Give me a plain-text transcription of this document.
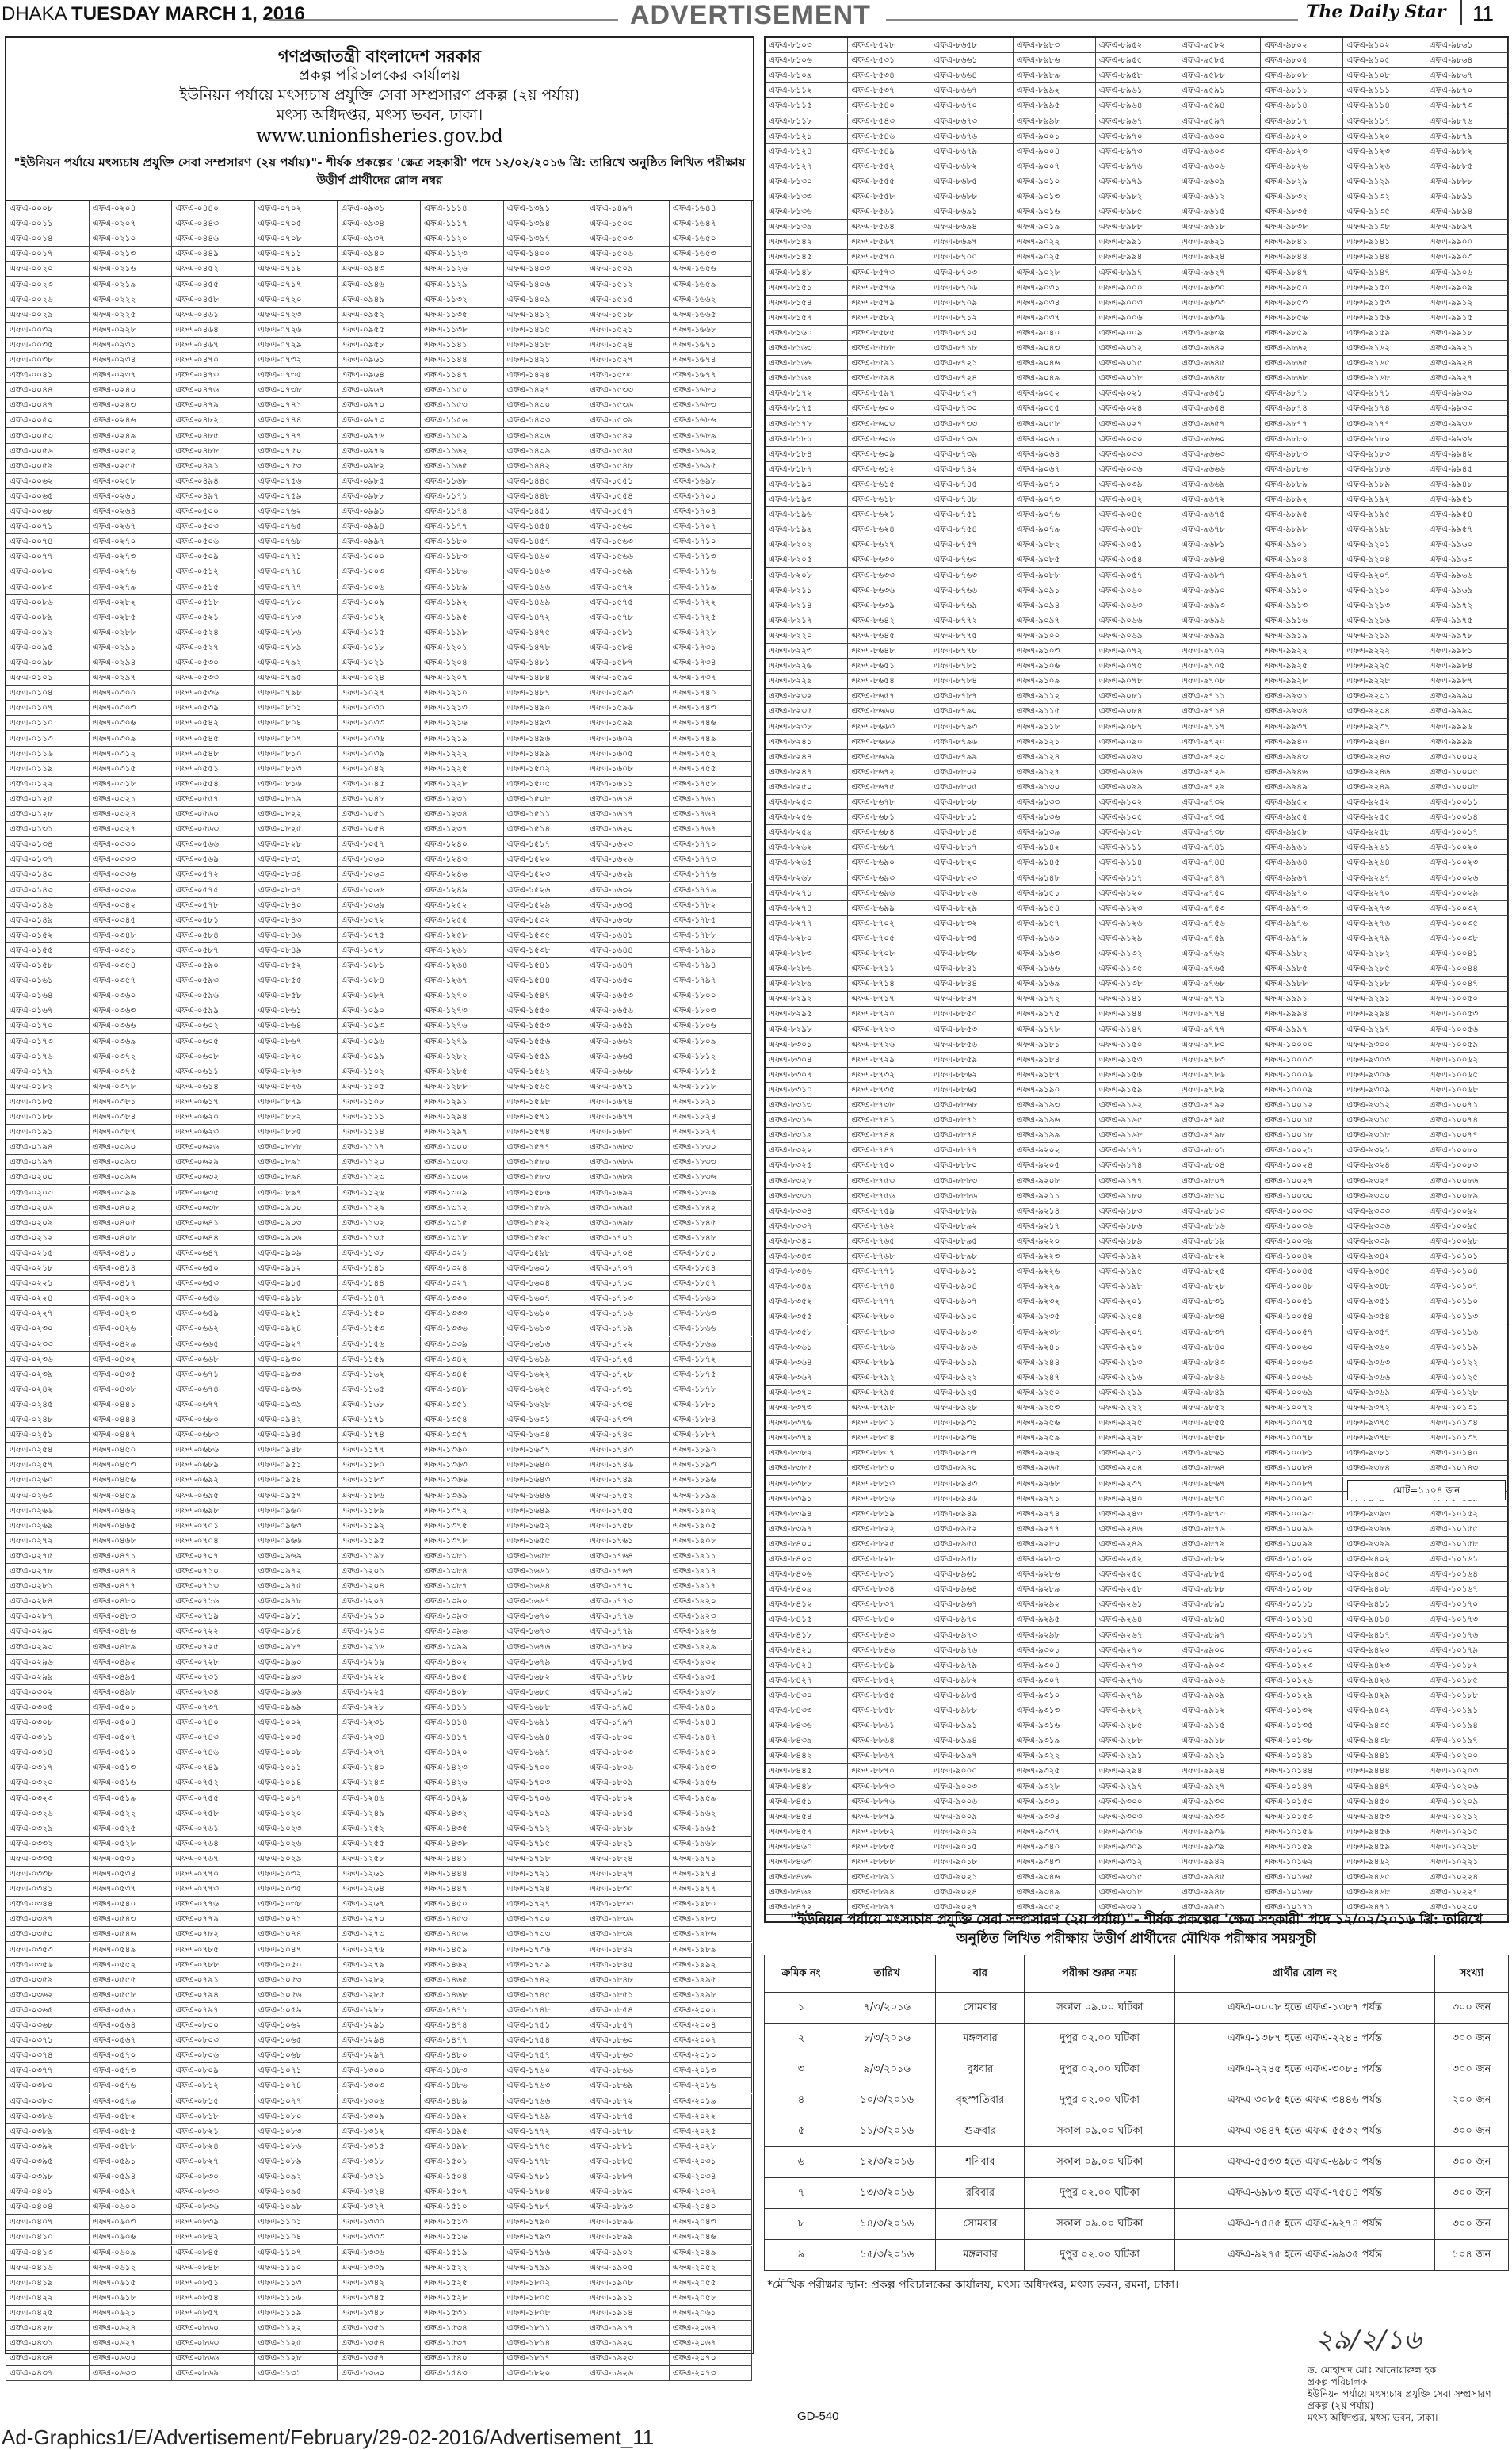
DHAKA TUESDAY MARCH 1, 2016	ADVERTISEMENT	The Daily Star 11
গণপ্রজাতন্ত্রী বাংলাদেশ সরকার
প্রকল্প পরিচালকের কার্যালয়
ইউনিয়ন পর্যায়ে মৎস্যচাষ প্রযুক্তি সেবা সম্প্রসারণ প্রকল্প (২য় পর্যায়)
মৎস্য অধিদপ্তর, মৎস্য ভবন, ঢাকা।
www.unionfisheries.gov.bd
"ইউনিয়ন পর্যায়ে মৎস্যচাষ প্রযুক্তি সেবা সম্প্রসারণ (২য় পর্যায়)"- শীর্ষক প্রকল্পের 'ক্ষেত্র সহকারী' পদে ১২/০২/২০১৬ খ্রি: তারিখে অনুষ্ঠিত লিখিত পরীক্ষায় উত্তীর্ণ প্রার্থীদের রোল নম্বর
এফএ-০০০৮
এফএ-০০১১
এফএ-০০১৪
এফএ-০০১৭
এফএ-০০২০
এফএ-০০২৩
এফএ-০০২৬
এফএ-০০২৯
এফএ-০০৩২
এফএ-০০৩৫
এফএ-০০৩৮
এফএ-০০৪১
এফএ-০০৪৪
এফএ-০০৪৭
এফএ-০০৫০
এফএ-০০৫৩
এফএ-০০৫৬
এফএ-০০৫৯
এফএ-০০৬২
এফএ-০০৬৫
এফএ-০০৬৮
এফএ-০০৭১
এফএ-০০৭৪
এফএ-০০৭৭
এফএ-০০৮০
এফএ-০০৮৩
এফএ-০০৮৬
এফএ-০০৮৯
এফএ-০০৯২
এফএ-০০৯৫
এফএ-০০৯৮
এফএ-০১০১
এফএ-০১০৪
এফএ-০১০৭
এফএ-০১১০
এফএ-০১১৩
এফএ-০১১৬
এফএ-০১১৯
এফএ-০১২২
এফএ-০১২৫
এফএ-০১২৮
এফএ-০১৩১
এফএ-০১৩৪
এফএ-০১৩৭
এফএ-০১৪০
এফএ-০১৪৩
এফএ-০১৪৬
এফএ-০১৪৯
এফএ-০১৫২
এফএ-০১৫৫
এফএ-০১৫৮
এফএ-০১৬১
এফএ-০১৬৪
এফএ-০১৬৭
এফএ-০১৭০
এফএ-০১৭৩
এফএ-০১৭৬
এফএ-০১৭৯
এফএ-০১৮২
এফএ-০১৮৫
এফএ-০১৮৮
এফএ-০১৯১
এফএ-০১৯৪
এফএ-০১৯৭
এফএ-০২০০
এফএ-০২০৩
এফএ-০২০৬
এফএ-০২০৯
এফএ-০২১২
এফএ-০২১৫
এফএ-০২১৮
এফএ-০২২১
এফএ-০২২৪
এফএ-০২২৭
এফএ-০২৩০
এফএ-০২৩৩
এফএ-০২৩৬
এফএ-০২৩৯
এফএ-০২৪২
এফএ-০২৪৫
এফএ-০২৪৮
এফএ-০২৫১
এফএ-০২৫৪
এফএ-০২৫৭
এফএ-০২৬০
এফএ-০২৬৩
এফএ-০২৬৬
এফএ-০২৬৯
এফএ-০২৭২
এফএ-০২৭৫
এফএ-০২৭৮
এফএ-০২৮১
এফএ-০২৮৪
এফএ-০২৮৭
এফএ-০২৯০
এফএ-০২৯৩
এফএ-০২৯৬
এফএ-০২৯৯
এফএ-০৩০২
এফএ-০৩০৫
এফএ-০৩০৮
এফএ-০৩১১
এফএ-০৩১৪
এফএ-০৩১৭
এফএ-০৩২০
এফএ-০৩২৩
এফএ-০৩২৬
এফএ-০৩২৯
এফএ-০৩৩২
এফএ-০৩৩৫
এফএ-০৩৩৮
এফএ-০৩৪১
এফএ-০৩৪৪
এফএ-০৩৪৭
এফএ-০৩৫০
এফএ-০৩৫৩
এফএ-০৩৫৬
এফএ-০৩৫৯
এফএ-০৩৬২
এফএ-০৩৬৫
এফএ-০৩৬৮
এফএ-০৩৭১
এফএ-০৩৭৪
এফএ-০৩৭৭
এফএ-০৩৮০
এফএ-০৩৮৩
এফএ-০৩৮৬
এফএ-০৩৮৯
এফএ-০৩৯২
এফএ-০৩৯৫
এফএ-০৩৯৮
এফএ-০৪০১
এফএ-০৪০৪
এফএ-০৪০৭
এফএ-০৪১০
এফএ-০৪১৩
এফএ-০৪১৬
এফএ-০৪১৯
এফএ-০৪২২
এফএ-০৪২৫
এফএ-০৪২৮
এফএ-০৪৩১
এফএ-০৪৩৪
এফএ-০৪৩৭
এফএ-০২০৪
এফএ-০২০৭
এফএ-০২১০
এফএ-০২১৩
এফএ-০২১৬
এফএ-০২১৯
এফএ-০২২২
এফএ-০২২৫
এফএ-০২২৮
এফএ-০২৩১
এফএ-০২৩৪
এফএ-০২৩৭
এফএ-০২৪০
এফএ-০২৪৩
এফএ-০২৪৬
এফএ-০২৪৯
এফএ-০২৫২
এফএ-০২৫৫
এফএ-০২৫৮
এফএ-০২৬১
এফএ-০২৬৪
এফএ-০২৬৭
এফএ-০২৭০
এফএ-০২৭৩
এফএ-০২৭৬
এফএ-০২৭৯
এফএ-০২৮২
এফএ-০২৮৫
এফএ-০২৮৮
এফএ-০২৯১
এফএ-০২৯৪
এফএ-০২৯৭
এফএ-০৩০০
এফএ-০৩০৩
এফএ-০৩০৬
এফএ-০৩০৯
এফএ-০৩১২
এফএ-০৩১৫
এফএ-০৩১৮
এফএ-০৩২১
এফএ-০৩২৪
এফএ-০৩২৭
এফএ-০৩৩০
এফএ-০৩৩৩
এফএ-০৩৩৬
এফএ-০৩৩৯
এফএ-০৩৪২
এফএ-০৩৪৫
এফএ-০৩৪৮
এফএ-০৩৫১
এফএ-০৩৫৪
এফএ-০৩৫৭
এফএ-০৩৬০
এফএ-০৩৬৩
এফএ-০৩৬৬
এফএ-০৩৬৯
এফএ-০৩৭২
এফএ-০৩৭৫
এফএ-০৩৭৮
এফএ-০৩৮১
এফএ-০৩৮৪
এফএ-০৩৮৭
এফএ-০৩৯০
এফএ-০৩৯৩
এফএ-০৩৯৬
এফএ-০৩৯৯
এফএ-০৪০২
এফএ-০৪০৫
এফএ-০৪০৮
এফএ-০৪১১
এফএ-০৪১৪
এফএ-০৪১৭
এফএ-০৪২০
এফএ-০৪২৩
এফএ-০৪২৬
এফএ-০৪২৯
এফএ-০৪৩২
এফএ-০৪৩৫
এফএ-০৪৩৮
এফএ-০৪৪১
এফএ-০৪৪৪
এফএ-০৪৪৭
এফএ-০৪৫০
এফএ-০৪৫৩
এফএ-০৪৫৬
এফএ-০৪৫৯
এফএ-০৪৬২
এফএ-০৪৬৫
এফএ-০৪৬৮
এফএ-০৪৭১
এফএ-০৪৭৪
এফএ-০৪৭৭
এফএ-০৪৮০
এফএ-০৪৮৩
এফএ-০৪৮৬
এফএ-০৪৮৯
এফএ-০৪৯২
এফএ-০৪৯৫
এফএ-০৪৯৮
এফএ-০৫০১
এফএ-০৫০৪
এফএ-০৫০৭
এফএ-০৫১০
এফএ-০৫১৩
এফএ-০৫১৬
এফএ-০৫১৯
এফএ-০৫২২
এফএ-০৫২৫
এফএ-০৫২৮
এফএ-০৫৩১
এফএ-০৫৩৪
এফএ-০৫৩৭
এফএ-০৫৪০
এফএ-০৫৪৩
এফএ-০৫৪৬
এফএ-০৫৪৯
এফএ-০৫৫২
এফএ-০৫৫৫
এফএ-০৫৫৮
এফএ-০৫৬১
এফএ-০৫৬৪
এফএ-০৫৬৭
এফএ-০৫৭০
এফএ-০৫৭৩
এফএ-০৫৭৬
এফএ-০৫৭৯
এফএ-০৫৮২
এফএ-০৫৮৫
এফএ-০৫৮৮
এফএ-০৫৯১
এফএ-০৫৯৪
এফএ-০৫৯৭
এফএ-০৬০০
এফএ-০৬০৩
এফএ-০৬০৬
এফএ-০৬০৯
এফএ-০৬১২
এফএ-০৬১৫
এফএ-০৬১৮
এফএ-০৬২১
এফএ-০৬২৪
এফএ-০৬২৭
এফএ-০৬৩০
এফএ-০৬৩৩
এফএ-০৪৪০
এফএ-০৪৪৩
এফএ-০৪৪৬
এফএ-০৪৪৯
এফএ-০৪৫২
এফএ-০৪৫৫
এফএ-০৪৫৮
এফএ-০৪৬১
এফএ-০৪৬৪
এফএ-০৪৬৭
এফএ-০৪৭০
এফএ-০৪৭৩
এফএ-০৪৭৬
এফএ-০৪৭৯
এফএ-০৪৮২
এফএ-০৪৮৫
এফএ-০৪৮৮
এফএ-০৪৯১
এফএ-০৪৯৪
এফএ-০৪৯৭
এফএ-০৫০০
এফএ-০৫০৩
এফএ-০৫০৬
এফএ-০৫০৯
এফএ-০৫১২
এফএ-০৫১৫
এফএ-০৫১৮
এফএ-০৫২১
এফএ-০৫২৪
এফএ-০৫২৭
এফএ-০৫৩০
এফএ-০৫৩৩
এফএ-০৫৩৬
এফএ-০৫৩৯
এফএ-০৫৪২
এফএ-০৫৪৫
এফএ-০৫৪৮
এফএ-০৫৫১
এফএ-০৫৫৪
এফএ-০৫৫৭
এফএ-০৫৬০
এফএ-০৫৬৩
এফএ-০৫৬৬
এফএ-০৫৬৯
এফএ-০৫৭২
এফএ-০৫৭৫
এফএ-০৫৭৮
এফএ-০৫৮১
এফএ-০৫৮৪
এফএ-০৫৮৭
এফএ-০৫৯০
এফএ-০৫৯৩
এফএ-০৫৯৬
এফএ-০৫৯৯
এফএ-০৬০২
এফএ-০৬০৫
এফএ-০৬০৮
এফএ-০৬১১
এফএ-০৬১৪
এফএ-০৬১৭
এফএ-০৬২০
এফএ-০৬২৩
এফএ-০৬২৬
এফএ-০৬২৯
এফএ-০৬৩২
এফএ-০৬৩৫
এফএ-০৬৩৮
এফএ-০৬৪১
এফএ-০৬৪৪
এফএ-০৬৪৭
এফএ-০৬৫০
এফএ-০৬৫৩
এফএ-০৬৫৬
এফএ-০৬৫৯
এফএ-০৬৬২
এফএ-০৬৬৫
এফএ-০৬৬৮
এফএ-০৬৭১
এফএ-০৬৭৪
এফএ-০৬৭৭
এফএ-০৬৮০
এফএ-০৬৮৩
এফএ-০৬৮৬
এফএ-০৬৮৯
এফএ-০৬৯২
এফএ-০৬৯৫
এফএ-০৬৯৮
এফএ-০৭০১
এফএ-০৭০৪
এফএ-০৭০৭
এফএ-০৭১০
এফএ-০৭১৩
এফএ-০৭১৬
এফএ-০৭১৯
এফএ-০৭২২
এফএ-০৭২৫
এফএ-০৭২৮
এফএ-০৭৩১
এফএ-০৭৩৪
এফএ-০৭৩৭
এফএ-০৭৪০
এফএ-০৭৪৩
এফএ-০৭৪৬
এফএ-০৭৪৯
এফএ-০৭৫২
এফএ-০৭৫৫
এফএ-০৭৫৮
এফএ-০৭৬১
এফএ-০৭৬৪
এফএ-০৭৬৭
এফএ-০৭৭০
এফএ-০৭৭৩
এফএ-০৭৭৬
এফএ-০৭৭৯
এফএ-০৭৮২
এফএ-০৭৮৫
এফএ-০৭৮৮
এফএ-০৭৯১
এফএ-০৭৯৪
এফএ-০৭৯৭
এফএ-০৮০০
এফএ-০৮০৩
এফএ-০৮০৬
এফএ-০৮০৯
এফএ-০৮১২
এফএ-০৮১৫
এফএ-০৮১৮
এফএ-০৮২১
এফএ-০৮২৪
এফএ-০৮২৭
এফএ-০৮৩০
এফএ-০৮৩৩
এফএ-০৮৩৬
এফএ-০৮৩৯
এফএ-০৮৪২
এফএ-০৮৪৫
এফএ-০৮৪৮
এফএ-০৮৫১
এফএ-০৮৫৪
এফএ-০৮৫৭
এফএ-০৮৬০
এফএ-০৮৬৩
এফএ-০৮৬৬
এফএ-০৮৬৯
এফএ-০৭০২
এফএ-০৭০৫
এফএ-০৭০৮
এফএ-০৭১১
এফএ-০৭১৪
এফএ-০৭১৭
এফএ-০৭২০
এফএ-০৭২৩
এফএ-০৭২৬
এফএ-০৭২৯
এফএ-০৭৩২
এফএ-০৭৩৫
এফএ-০৭৩৮
এফএ-০৭৪১
এফএ-০৭৪৪
এফএ-০৭৪৭
এফএ-০৭৫০
এফএ-০৭৫৩
এফএ-০৭৫৬
এফএ-০৭৫৯
এফএ-০৭৬২
এফএ-০৭৬৫
এফএ-০৭৬৮
এফএ-০৭৭১
এফএ-০৭৭৪
এফএ-০৭৭৭
এফএ-০৭৮০
এফএ-০৭৮৩
এফএ-০৭৮৬
এফএ-০৭৮৯
এফএ-০৭৯২
এফএ-০৭৯৫
এফএ-০৭৯৮
এফএ-০৮০১
এফএ-০৮০৪
এফএ-০৮০৭
এফএ-০৮১০
এফএ-০৮১৩
এফএ-০৮১৬
এফএ-০৮১৯
এফএ-০৮২২
এফএ-০৮২৫
এফএ-০৮২৮
এফএ-০৮৩১
এফএ-০৮৩৪
এফএ-০৮৩৭
এফএ-০৮৪০
এফএ-০৮৪৩
এফএ-০৮৪৬
এফএ-০৮৪৯
এফএ-০৮৫২
এফএ-০৮৫৫
এফএ-০৮৫৮
এফএ-০৮৬১
এফএ-০৮৬৪
এফএ-০৮৬৭
এফএ-০৮৭০
এফএ-০৮৭৩
এফএ-০৮৭৬
এফএ-০৮৭৯
এফএ-০৮৮২
এফএ-০৮৮৫
এফএ-০৮৮৮
এফএ-০৮৯১
এফএ-০৮৯৪
এফএ-০৮৯৭
এফএ-০৯০০
এফএ-০৯০৩
এফএ-০৯০৬
এফএ-০৯০৯
এফএ-০৯১২
এফএ-০৯১৫
এফএ-০৯১৮
এফএ-০৯২১
এফএ-০৯২৪
এফএ-০৯২৭
এফএ-০৯৩০
এফএ-০৯৩৩
এফএ-০৯৩৬
এফএ-০৯৩৯
এফএ-০৯৪২
এফএ-০৯৪৫
এফএ-০৯৪৮
এফএ-০৯৫১
এফএ-০৯৫৪
এফএ-০৯৫৭
এফএ-০৯৬০
এফএ-০৯৬৩
এফএ-০৯৬৬
এফএ-০৯৬৯
এফএ-০৯৭২
এফএ-০৯৭৫
এফএ-০৯৭৮
এফএ-০৯৮১
এফএ-০৯৮৪
এফএ-০৯৮৭
এফএ-০৯৯০
এফএ-০৯৯৩
এফএ-০৯৯৬
এফএ-০৯৯৯
এফএ-১০০২
এফএ-১০০৫
এফএ-১০০৮
এফএ-১০১১
এফএ-১০১৪
এফএ-১০১৭
এফএ-১০২০
এফএ-১০২৩
এফএ-১০২৬
এফএ-১০২৯
এফএ-১০৩২
এফএ-১০৩৫
এফএ-১০৩৮
এফএ-১০৪১
এফএ-১০৪৪
এফএ-১০৪৭
এফএ-১০৫০
এফএ-১০৫৩
এফএ-১০৫৬
এফএ-১০৫৯
এফএ-১০৬২
এফএ-১০৬৫
এফএ-১০৬৮
এফএ-১০৭১
এফএ-১০৭৪
এফএ-১০৭৭
এফএ-১০৮০
এফএ-১০৮৩
এফএ-১০৮৬
এফএ-১০৮৯
এফএ-১০৯২
এফএ-১০৯৫
এফএ-১০৯৮
এফএ-১১০১
এফএ-১১০৪
এফএ-১১০৭
এফএ-১১১০
এফএ-১১১৩
এফএ-১১১৬
এফএ-১১১৯
এফএ-১১২২
এফএ-১১২৫
এফএ-১১২৮
এফএ-১১৩১
এফএ-০৯৩১
এফএ-০৯৩৪
এফএ-০৯৩৭
এফএ-০৯৪০
এফএ-০৯৪৩
এফএ-০৯৪৬
এফএ-০৯৪৯
এফএ-০৯৫২
এফএ-০৯৫৫
এফএ-০৯৫৮
এফএ-০৯৬১
এফএ-০৯৬৪
এফএ-০৯৬৭
এফএ-০৯৭০
এফএ-০৯৭৩
এফএ-০৯৭৬
এফএ-০৯৭৯
এফএ-০৯৮২
এফএ-০৯৮৫
এফএ-০৯৮৮
এফএ-০৯৯১
এফএ-০৯৯৪
এফএ-০৯৯৭
এফএ-১০০০
এফএ-১০০৩
এফএ-১০০৬
এফএ-১০০৯
এফএ-১০১২
এফএ-১০১৫
এফএ-১০১৮
এফএ-১০২১
এফএ-১০২৪
এফএ-১০২৭
এফএ-১০৩০
এফএ-১০৩৩
এফএ-১০৩৬
এফএ-১০৩৯
এফএ-১০৪২
এফএ-১০৪৫
এফএ-১০৪৮
এফএ-১০৫১
এফএ-১০৫৪
এফএ-১০৫৭
এফএ-১০৬০
এফএ-১০৬৩
এফএ-১০৬৬
এফএ-১০৬৯
এফএ-১০৭২
এফএ-১০৭৫
এফএ-১০৭৮
এফএ-১০৮১
এফএ-১০৮৪
এফএ-১০৮৭
এফএ-১০৯০
এফএ-১০৯৩
এফএ-১০৯৬
এফএ-১০৯৯
এফএ-১১০২
এফএ-১১০৫
এফএ-১১০৮
এফএ-১১১১
এফএ-১১১৪
এফএ-১১১৭
এফএ-১১২০
এফএ-১১২৩
এফএ-১১২৬
এফএ-১১২৯
এফএ-১১৩২
এফএ-১১৩৫
এফএ-১১৩৮
এফএ-১১৪১
এফএ-১১৪৪
এফএ-১১৪৭
এফএ-১১৫০
এফএ-১১৫৩
এফএ-১১৫৬
এফএ-১১৫৯
এফএ-১১৬২
এফএ-১১৬৫
এফএ-১১৬৮
এফএ-১১৭১
এফএ-১১৭৪
এফএ-১১৭৭
এফএ-১১৮০
এফএ-১১৮৩
এফএ-১১৮৬
এফএ-১১৮৯
এফএ-১১৯২
এফএ-১১৯৫
এফএ-১১৯৮
এফএ-১২০১
এফএ-১২০৪
এফএ-১২০৭
এফএ-১২১০
এফএ-১২১৩
এফএ-১২১৬
এফএ-১২১৯
এফএ-১২২২
এফএ-১২২৫
এফএ-১২২৮
এফএ-১২৩১
এফএ-১২৩৪
এফএ-১২৩৭
এফএ-১২৪০
এফএ-১২৪৩
এফএ-১২৪৬
এফএ-১২৪৯
এফএ-১২৫২
এফএ-১২৫৫
এফএ-১২৫৮
এফএ-১২৬১
এফএ-১২৬৪
এফএ-১২৬৭
এফএ-১২৭০
এফএ-১২৭৩
এফএ-১২৭৬
এফএ-১২৭৯
এফএ-১২৮২
এফএ-১২৮৫
এফএ-১২৮৮
এফএ-১২৯১
এফএ-১২৯৪
এফএ-১২৯৭
এফএ-১৩০০
এফএ-১৩০৩
এফএ-১৩০৬
এফএ-১৩০৯
এফএ-১৩১২
এফএ-১৩১৫
এফএ-১৩১৮
এফএ-১৩২১
এফএ-১৩২৪
এফএ-১৩২৭
এফএ-১৩৩০
এফএ-১৩৩৩
এফএ-১৩৩৬
এফএ-১৩৩৯
এফএ-১৩৪২
এফএ-১৩৪৫
এফএ-১৩৪৮
এফএ-১৩৫১
এফএ-১৩৫৪
এফএ-১৩৫৭
এফএ-১৩৬০
এফএ-১১১৪
এফএ-১১১৭
এফএ-১১২০
এফএ-১১২৩
এফএ-১১২৬
এফএ-১১২৯
এফএ-১১৩২
এফএ-১১৩৫
এফএ-১১৩৮
এফএ-১১৪১
এফএ-১১৪৪
এফএ-১১৪৭
এফএ-১১৫০
এফএ-১১৫৩
এফএ-১১৫৬
এফএ-১১৫৯
এফএ-১১৬২
এফএ-১১৬৫
এফএ-১১৬৮
এফএ-১১৭১
এফএ-১১৭৪
এফএ-১১৭৭
এফএ-১১৮০
এফএ-১১৮৩
এফএ-১১৮৬
এফএ-১১৮৯
এফএ-১১৯২
এফএ-১১৯৫
এফএ-১১৯৮
এফএ-১২০১
এফএ-১২০৪
এফএ-১২০৭
এফএ-১২১০
এফএ-১২১৩
এফএ-১২১৬
এফএ-১২১৯
এফএ-১২২২
এফএ-১২২৫
এফএ-১২২৮
এফএ-১২৩১
এফএ-১২৩৪
এফএ-১২৩৭
এফএ-১২৪০
এফএ-১২৪৩
এফএ-১২৪৬
এফএ-১২৪৯
এফএ-১২৫২
এফএ-১২৫৫
এফএ-১২৫৮
এফএ-১২৬১
এফএ-১২৬৪
এফএ-১২৬৭
এফএ-১২৭০
এফএ-১২৭৩
এফএ-১২৭৬
এফএ-১২৭৯
এফএ-১২৮২
এফএ-১২৮৫
এফএ-১২৮৮
এফএ-১২৯১
এফএ-১২৯৪
এফএ-১২৯৭
এফএ-১৩০০
এফএ-১৩০৩
এফএ-১৩০৬
এফএ-১৩০৯
এফএ-১৩১২
এফএ-১৩১৫
এফএ-১৩১৮
এফএ-১৩২১
এফএ-১৩২৪
এফএ-১৩২৭
এফএ-১৩৩০
এফএ-১৩৩৩
এফএ-১৩৩৬
এফএ-১৩৩৯
এফএ-১৩৪২
এফএ-১৩৪৫
এফএ-১৩৪৮
এফএ-১৩৫১
এফএ-১৩৫৪
এফএ-১৩৫৭
এফএ-১৩৬০
এফএ-১৩৬৩
এফএ-১৩৬৬
এফএ-১৩৬৯
এফএ-১৩৭২
এফএ-১৩৭৫
এফএ-১৩৭৮
এফএ-১৩৮১
এফএ-১৩৮৪
এফএ-১৩৮৭
এফএ-১৩৯০
এফএ-১৩৯৩
এফএ-১৩৯৬
এফএ-১৩৯৯
এফএ-১৪০২
এফএ-১৪০৫
এফএ-১৪০৮
এফএ-১৪১১
এফএ-১৪১৪
এফএ-১৪১৭
এফএ-১৪২০
এফএ-১৪২৩
এফএ-১৪২৬
এফএ-১৪২৯
এফএ-১৪৩২
এফএ-১৪৩৫
এফএ-১৪৩৮
এফএ-১৪৪১
এফএ-১৪৪৪
এফএ-১৪৪৭
এফএ-১৪৫০
এফএ-১৪৫৩
এফএ-১৪৫৬
এফএ-১৪৫৯
এফএ-১৪৬২
এফএ-১৪৬৫
এফএ-১৪৬৮
এফএ-১৪৭১
এফএ-১৪৭৪
এফএ-১৪৭৭
এফএ-১৪৮০
এফএ-১৪৮৩
এফএ-১৪৮৬
এফএ-১৪৮৯
এফএ-১৪৯২
এফএ-১৪৯৫
এফএ-১৪৯৮
এফএ-১৫০১
এফএ-১৫০৪
এফএ-১৫০৭
এফএ-১৫১০
এফএ-১৫১৩
এফএ-১৫১৬
এফএ-১৫১৯
এফএ-১৫২২
এফএ-১৫২৫
এফএ-১৫২৮
এফএ-১৫৩১
এফএ-১৫৩৪
এফএ-১৫৩৭
এফএ-১৫৪০
এফএ-১৫৪৩
এফএ-১৩৯১
এফএ-১৩৯৪
এফএ-১৩৯৭
এফএ-১৪০০
এফএ-১৪০৩
এফএ-১৪০৬
এফএ-১৪০৯
এফএ-১৪১২
এফএ-১৪১৫
এফএ-১৪১৮
এফএ-১৪২১
এফএ-১৪২৪
এফএ-১৪২৭
এফএ-১৪৩০
এফএ-১৪৩৩
এফএ-১৪৩৬
এফএ-১৪৩৯
এফএ-১৪৪২
এফএ-১৪৪৫
এফএ-১৪৪৮
এফএ-১৪৫১
এফএ-১৪৫৪
এফএ-১৪৫৭
এফএ-১৪৬০
এফএ-১৪৬৩
এফএ-১৪৬৬
এফএ-১৪৬৯
এফএ-১৪৭২
এফএ-১৪৭৫
এফএ-১৪৭৮
এফএ-১৪৮১
এফএ-১৪৮৪
এফএ-১৪৮৭
এফএ-১৪৯০
এফএ-১৪৯৩
এফএ-১৪৯৬
এফএ-১৪৯৯
এফএ-১৫০২
এফএ-১৫০৫
এফএ-১৫০৮
এফএ-১৫১১
এফএ-১৫১৪
এফএ-১৫১৭
এফএ-১৫২০
এফএ-১৫২৩
এফএ-১৫২৬
এফএ-১৫২৯
এফএ-১৫৩২
এফএ-১৫৩৫
এফএ-১৫৩৮
এফএ-১৫৪১
এফএ-১৫৪৪
এফএ-১৫৪৭
এফএ-১৫৫০
এফএ-১৫৫৩
এফএ-১৫৫৬
এফএ-১৫৫৯
এফএ-১৫৬২
এফএ-১৫৬৫
এফএ-১৫৬৮
এফএ-১৫৭১
এফএ-১৫৭৪
এফএ-১৫৭৭
এফএ-১৫৮০
এফএ-১৫৮৩
এফএ-১৫৮৬
এফএ-১৫৮৯
এফএ-১৫৯২
এফএ-১৫৯৫
এফএ-১৫৯৮
এফএ-১৬০১
এফএ-১৬০৪
এফএ-১৬০৭
এফএ-১৬১০
এফএ-১৬১৩
এফএ-১৬১৬
এফএ-১৬১৯
এফএ-১৬২২
এফএ-১৬২৫
এফএ-১৬২৮
এফএ-১৬৩১
এফএ-১৬৩৪
এফএ-১৬৩৭
এফএ-১৬৪০
এফএ-১৬৪৩
এফএ-১৬৪৬
এফএ-১৬৪৯
এফএ-১৬৫২
এফএ-১৬৫৫
এফএ-১৬৫৮
এফএ-১৬৬১
এফএ-১৬৬৪
এফএ-১৬৬৭
এফএ-১৬৭০
এফএ-১৬৭৩
এফএ-১৬৭৬
এফএ-১৬৭৯
এফএ-১৬৮২
এফএ-১৬৮৫
এফএ-১৬৮৮
এফএ-১৬৯১
এফএ-১৬৯৪
এফএ-১৬৯৭
এফএ-১৭০০
এফএ-১৭০৩
এফএ-১৭০৬
এফএ-১৭০৯
এফএ-১৭১২
এফএ-১৭১৫
এফএ-১৭১৮
এফএ-১৭২১
এফএ-১৭২৪
এফএ-১৭২৭
এফএ-১৭৩০
এফএ-১৭৩৩
এফএ-১৭৩৬
এফএ-১৭৩৯
এফএ-১৭৪২
এফএ-১৭৪৫
এফএ-১৭৪৮
এফএ-১৭৫১
এফএ-১৭৫৪
এফএ-১৭৫৭
এফএ-১৭৬০
এফএ-১৭৬৩
এফএ-১৭৬৬
এফএ-১৭৬৯
এফএ-১৭৭২
এফএ-১৭৭৫
এফএ-১৭৭৮
এফএ-১৭৮১
এফএ-১৭৮৪
এফএ-১৭৮৭
এফএ-১৭৯০
এফএ-১৭৯৩
এফএ-১৭৯৬
এফএ-১৭৯৯
এফএ-১৮০২
এফএ-১৮০৫
এফএ-১৮০৮
এফএ-১৮১১
এফএ-১৮১৪
এফএ-১৮১৭
এফএ-১৮২০
এফএ-১৪৯৭
এফএ-১৫০০
এফএ-১৫০৩
এফএ-১৫০৬
এফএ-১৫০৯
এফএ-১৫১২
এফএ-১৫১৫
এফএ-১৫১৮
এফএ-১৫২১
এফএ-১৫২৪
এফএ-১৫২৭
এফএ-১৫৩০
এফএ-১৫৩৩
এফএ-১৫৩৬
এফএ-১৫৩৯
এফএ-১৫৪২
এফএ-১৫৪৫
এফএ-১৫৪৮
এফএ-১৫৫১
এফএ-১৫৫৪
এফএ-১৫৫৭
এফএ-১৫৬০
এফএ-১৫৬৩
এফএ-১৫৬৬
এফএ-১৫৬৯
এফএ-১৫৭২
এফএ-১৫৭৫
এফএ-১৫৭৮
এফএ-১৫৮১
এফএ-১৫৮৪
এফএ-১৫৮৭
এফএ-১৫৯০
এফএ-১৫৯৩
এফএ-১৫৯৬
এফএ-১৫৯৯
এফএ-১৬০২
এফএ-১৬০৫
এফএ-১৬০৮
এফএ-১৬১১
এফএ-১৬১৪
এফএ-১৬১৭
এফএ-১৬২০
এফএ-১৬২৩
এফএ-১৬২৬
এফএ-১৬২৯
এফএ-১৬৩২
এফএ-১৬৩৫
এফএ-১৬৩৮
এফএ-১৬৪১
এফএ-১৬৪৪
এফএ-১৬৪৭
এফএ-১৬৫০
এফএ-১৬৫৩
এফএ-১৬৫৬
এফএ-১৬৫৯
এফএ-১৬৬২
এফএ-১৬৬৫
এফএ-১৬৬৮
এফএ-১৬৭১
এফএ-১৬৭৪
এফএ-১৬৭৭
এফএ-১৬৮০
এফএ-১৬৮৩
এফএ-১৬৮৬
এফএ-১৬৮৯
এফএ-১৬৯২
এফএ-১৬৯৫
এফএ-১৬৯৮
এফএ-১৭০১
এফএ-১৭০৪
এফএ-১৭০৭
এফএ-১৭১০
এফএ-১৭১৩
এফএ-১৭১৬
এফএ-১৭১৯
এফএ-১৭২২
এফএ-১৭২৫
এফএ-১৭২৮
এফএ-১৭৩১
এফএ-১৭৩৪
এফএ-১৭৩৭
এফএ-১৭৪০
এফএ-১৭৪৩
এফএ-১৭৪৬
এফএ-১৭৪৯
এফএ-১৭৫২
এফএ-১৭৫৫
এফএ-১৭৫৮
এফএ-১৭৬১
এফএ-১৭৬৪
এফএ-১৭৬৭
এফএ-১৭৭০
এফএ-১৭৭৩
এফএ-১৭৭৬
এফএ-১৭৭৯
এফএ-১৭৮২
এফএ-১৭৮৫
এফএ-১৭৮৮
এফএ-১৭৯১
এফএ-১৭৯৪
এফএ-১৭৯৭
এফএ-১৮০০
এফএ-১৮০৩
এফএ-১৮০৬
এফএ-১৮০৯
এফএ-১৮১২
এফএ-১৮১৫
এফএ-১৮১৮
এফএ-১৮২১
এফএ-১৮২৪
এফএ-১৮২৭
এফএ-১৮৩০
এফএ-১৮৩৩
এফএ-১৮৩৬
এফএ-১৮৩৯
এফএ-১৮৪২
এফএ-১৮৪৫
এফএ-১৮৪৮
এফএ-১৮৫১
এফএ-১৮৫৪
এফএ-১৮৫৭
এফএ-১৮৬০
এফএ-১৮৬৩
এফএ-১৮৬৬
এফএ-১৮৬৯
এফএ-১৮৭২
এফএ-১৮৭৫
এফএ-১৮৭৮
এফএ-১৮৮১
এফএ-১৮৮৪
এফএ-১৮৮৭
এফএ-১৮৯০
এফএ-১৮৯৩
এফএ-১৮৯৬
এফএ-১৮৯৯
এফএ-১৯০২
এফএ-১৯০৫
এফএ-১৯০৮
এফএ-১৯১১
এফএ-১৯১৪
এফএ-১৯১৭
এফএ-১৯২০
এফএ-১৯২৩
এফএ-১৯২৬
এফএ-১৬৪৪
এফএ-১৬৪৭
এফএ-১৬৫০
এফএ-১৬৫৩
এফএ-১৬৫৬
এফএ-১৬৫৯
এফএ-১৬৬২
এফএ-১৬৬৫
এফএ-১৬৬৮
এফএ-১৬৭১
এফএ-১৬৭৪
এফএ-১৬৭৭
এফএ-১৬৮০
এফএ-১৬৮৩
এফএ-১৬৮৬
এফএ-১৬৮৯
এফএ-১৬৯২
এফএ-১৬৯৫
এফএ-১৬৯৮
এফএ-১৭০১
এফএ-১৭০৪
এফএ-১৭০৭
এফএ-১৭১০
এফএ-১৭১৩
এফএ-১৭১৬
এফএ-১৭১৯
এফএ-১৭২২
এফএ-১৭২৫
এফএ-১৭২৮
এফএ-১৭৩১
এফএ-১৭৩৪
এফএ-১৭৩৭
এফএ-১৭৪০
এফএ-১৭৪৩
এফএ-১৭৪৬
এফএ-১৭৪৯
এফএ-১৭৫২
এফএ-১৭৫৫
এফএ-১৭৫৮
এফএ-১৭৬১
এফএ-১৭৬৪
এফএ-১৭৬৭
এফএ-১৭৭০
এফএ-১৭৭৩
এফএ-১৭৭৬
এফএ-১৭৭৯
এফএ-১৭৮২
এফএ-১৭৮৫
এফএ-১৭৮৮
এফএ-১৭৯১
এফএ-১৭৯৪
এফএ-১৭৯৭
এফএ-১৮০০
এফএ-১৮০৩
এফএ-১৮০৬
এফএ-১৮০৯
এফএ-১৮১২
এফএ-১৮১৫
এফএ-১৮১৮
এফএ-১৮২১
এফএ-১৮২৪
এফএ-১৮২৭
এফএ-১৮৩০
এফএ-১৮৩৩
এফএ-১৮৩৬
এফএ-১৮৩৯
এফএ-১৮৪২
এফএ-১৮৪৫
এফএ-১৮৪৮
এফএ-১৮৫১
এফএ-১৮৫৪
এফএ-১৮৫৭
এফএ-১৮৬০
এফএ-১৮৬৩
এফএ-১৮৬৬
এফএ-১৮৬৯
এফএ-১৮৭২
এফএ-১৮৭৫
এফএ-১৮৭৮
এফএ-১৮৮১
এফএ-১৮৮৪
এফএ-১৮৮৭
এফএ-১৮৯০
এফএ-১৮৯৩
এফএ-১৮৯৬
এফএ-১৮৯৯
এফএ-১৯০২
এফএ-১৯০৫
এফএ-১৯০৮
এফএ-১৯১১
এফএ-১৯১৪
এফএ-১৯১৭
এফএ-১৯২০
এফএ-১৯২৩
এফএ-১৯২৬
এফএ-১৯২৯
এফএ-১৯৩২
এফএ-১৯৩৫
এফএ-১৯৩৮
এফএ-১৯৪১
এফএ-১৯৪৪
এফএ-১৯৪৭
এফএ-১৯৫০
এফএ-১৯৫৩
এফএ-১৯৫৬
এফএ-১৯৫৯
এফএ-১৯৬২
এফএ-১৯৬৫
এফএ-১৯৬৮
এফএ-১৯৭১
এফএ-১৯৭৪
এফএ-১৯৭৭
এফএ-১৯৮০
এফএ-১৯৮৩
এফএ-১৯৮৬
এফএ-১৯৮৯
এফএ-১৯৯২
এফএ-১৯৯৫
এফএ-১৯৯৮
এফএ-২০০১
এফএ-২০০৪
এফএ-২০০৭
এফএ-২০১০
এফএ-২০১৩
এফএ-২০১৬
এফএ-২০১৯
এফএ-২০২২
এফএ-২০২৫
এফএ-২০২৮
এফএ-২০৩১
এফএ-২০৩৪
এফএ-২০৩৭
এফএ-২০৪০
এফএ-২০৪৩
এফএ-২০৪৬
এফএ-২০৪৯
এফএ-২০৫২
এফএ-২০৫৫
এফএ-২০৫৮
এফএ-২০৬১
এফএ-২০৬৪
এফএ-২০৬৭
এফএ-২০৭০
এফএ-২০৭৩
এফএ-৮১০৩
এফএ-৮১০৬
এফএ-৮১০৯
এফএ-৮১১২
এফএ-৮১১৫
এফএ-৮১১৮
এফএ-৮১২১
এফএ-৮১২৪
এফএ-৮১২৭
এফএ-৮১৩০
এফএ-৮১৩৩
এফএ-৮১৩৬
এফএ-৮১৩৯
এফএ-৮১৪২
এফএ-৮১৪৫
এফএ-৮১৪৮
এফএ-৮১৫১
এফএ-৮১৫৪
এফএ-৮১৫৭
এফএ-৮১৬০
এফএ-৮১৬৩
এফএ-৮১৬৬
এফএ-৮১৬৯
এফএ-৮১৭২
এফএ-৮১৭৫
এফএ-৮১৭৮
এফএ-৮১৮১
এফএ-৮১৮৪
এফএ-৮১৮৭
এফএ-৮১৯০
এফএ-৮১৯৩
এফএ-৮১৯৬
এফএ-৮১৯৯
এফএ-৮২০২
এফএ-৮২০৫
এফএ-৮২০৮
এফএ-৮২১১
এফএ-৮২১৪
এফএ-৮২১৭
এফএ-৮২২০
এফএ-৮২২৩
এফএ-৮২২৬
এফএ-৮২২৯
এফএ-৮২৩২
এফএ-৮২৩৫
এফএ-৮২৩৮
এফএ-৮২৪১
এফএ-৮২৪৪
এফএ-৮২৪৭
এফএ-৮২৫০
এফএ-৮২৫৩
এফএ-৮২৫৬
এফএ-৮২৫৯
এফএ-৮২৬২
এফএ-৮২৬৫
এফএ-৮২৬৮
এফএ-৮২৭১
এফএ-৮২৭৪
এফএ-৮২৭৭
এফএ-৮২৮০
এফএ-৮২৮৩
এফএ-৮২৮৬
এফএ-৮২৮৯
এফএ-৮২৯২
এফএ-৮২৯৫
এফএ-৮২৯৮
এফএ-৮৩০১
এফএ-৮৩০৪
এফএ-৮৩০৭
এফএ-৮৩১০
এফএ-৮৩১৩
এফএ-৮৩১৬
এফএ-৮৩১৯
এফএ-৮৩২২
এফএ-৮৩২৫
এফএ-৮৩২৮
এফএ-৮৩৩১
এফএ-৮৩৩৪
এফএ-৮৩৩৭
এফএ-৮৩৪০
এফএ-৮৩৪৩
এফএ-৮৩৪৬
এফএ-৮৩৪৯
এফএ-৮৩৫২
এফএ-৮৩৫৫
এফএ-৮৩৫৮
এফএ-৮৩৬১
এফএ-৮৩৬৪
এফএ-৮৩৬৭
এফএ-৮৩৭০
এফএ-৮৩৭৩
এফএ-৮৩৭৬
এফএ-৮৩৭৯
এফএ-৮৩৮২
এফএ-৮৩৮৫
এফএ-৮৩৮৮
এফএ-৮৩৯১
এফএ-৮৩৯৪
এফএ-৮৩৯৭
এফএ-৮৪০০
এফএ-৮৪০৩
এফএ-৮৪০৬
এফএ-৮৪০৯
এফএ-৮৪১২
এফএ-৮৪১৫
এফএ-৮৪১৮
এফএ-৮৪২১
এফএ-৮৪২৪
এফএ-৮৪২৭
এফএ-৮৪৩০
এফএ-৮৪৩৩
এফএ-৮৪৩৬
এফএ-৮৪৩৯
এফএ-৮৪৪২
এফএ-৮৪৪৫
এফএ-৮৪৪৮
এফএ-৮৪৫১
এফএ-৮৪৫৪
এফএ-৮৪৫৭
এফএ-৮৪৬০
এফএ-৮৪৬৩
এফএ-৮৪৬৬
এফএ-৮৪৬৯
এফএ-৮৪৭২
এফএ-৮৫২৮
এফএ-৮৫৩১
এফএ-৮৫৩৪
এফএ-৮৫৩৭
এফএ-৮৫৪০
এফএ-৮৫৪৩
এফএ-৮৫৪৬
এফএ-৮৫৪৯
এফএ-৮৫৫২
এফএ-৮৫৫৫
এফএ-৮৫৫৮
এফএ-৮৫৬১
এফএ-৮৫৬৪
এফএ-৮৫৬৭
এফএ-৮৫৭০
এফএ-৮৫৭৩
এফএ-৮৫৭৬
এফএ-৮৫৭৯
এফএ-৮৫৮২
এফএ-৮৫৮৫
এফএ-৮৫৮৮
এফএ-৮৫৯১
এফএ-৮৫৯৪
এফএ-৮৫৯৭
এফএ-৮৬০০
এফএ-৮৬০৩
এফএ-৮৬০৬
এফএ-৮৬০৯
এফএ-৮৬১২
এফএ-৮৬১৫
এফএ-৮৬১৮
এফএ-৮৬২১
এফএ-৮৬২৪
এফএ-৮৬২৭
এফএ-৮৬৩০
এফএ-৮৬৩৩
এফএ-৮৬৩৬
এফএ-৮৬৩৯
এফএ-৮৬৪২
এফএ-৮৬৪৫
এফএ-৮৬৪৮
এফএ-৮৬৫১
এফএ-৮৬৫৪
এফএ-৮৬৫৭
এফএ-৮৬৬০
এফএ-৮৬৬৩
এফএ-৮৬৬৬
এফএ-৮৬৬৯
এফএ-৮৬৭২
এফএ-৮৬৭৫
এফএ-৮৬৭৮
এফএ-৮৬৮১
এফএ-৮৬৮৪
এফএ-৮৬৮৭
এফএ-৮৬৯০
এফএ-৮৬৯৩
এফএ-৮৬৯৬
এফএ-৮৬৯৯
এফএ-৮৭০২
এফএ-৮৭০৫
এফএ-৮৭০৮
এফএ-৮৭১১
এফএ-৮৭১৪
এফএ-৮৭১৭
এফএ-৮৭২০
এফএ-৮৭২৩
এফএ-৮৭২৬
এফএ-৮৭২৯
এফএ-৮৭৩২
এফএ-৮৭৩৫
এফএ-৮৭৩৮
এফএ-৮৭৪১
এফএ-৮৭৪৪
এফএ-৮৭৪৭
এফএ-৮৭৫০
এফএ-৮৭৫৩
এফএ-৮৭৫৬
এফএ-৮৭৫৯
এফএ-৮৭৬২
এফএ-৮৭৬৫
এফএ-৮৭৬৮
এফএ-৮৭৭১
এফএ-৮৭৭৪
এফএ-৮৭৭৭
এফএ-৮৭৮০
এফএ-৮৭৮৩
এফএ-৮৭৮৬
এফএ-৮৭৮৯
এফএ-৮৭৯২
এফএ-৮৭৯৫
এফএ-৮৭৯৮
এফএ-৮৮০১
এফএ-৮৮০৪
এফএ-৮৮০৭
এফএ-৮৮১০
এফএ-৮৮১৩
এফএ-৮৮১৬
এফএ-৮৮১৯
এফএ-৮৮২২
এফএ-৮৮২৫
এফএ-৮৮২৮
এফএ-৮৮৩১
এফএ-৮৮৩৪
এফএ-৮৮৩৭
এফএ-৮৮৪০
এফএ-৮৮৪৩
এফএ-৮৮৪৬
এফএ-৮৮৪৯
এফএ-৮৮৫২
এফএ-৮৮৫৫
এফএ-৮৮৫৮
এফএ-৮৮৬১
এফএ-৮৮৬৪
এফএ-৮৮৬৭
এফএ-৮৮৭০
এফএ-৮৮৭৩
এফএ-৮৮৭৬
এফএ-৮৮৭৯
এফএ-৮৮৮২
এফএ-৮৮৮৫
এফএ-৮৮৮৮
এফএ-৮৮৯১
এফএ-৮৮৯৪
এফএ-৮৮৯৭
এফএ-৮৬৫৮
এফএ-৮৬৬১
এফএ-৮৬৬৪
এফএ-৮৬৬৭
এফএ-৮৬৭০
এফএ-৮৬৭৩
এফএ-৮৬৭৬
এফএ-৮৬৭৯
এফএ-৮৬৮২
এফএ-৮৬৮৫
এফএ-৮৬৮৮
এফএ-৮৬৯১
এফএ-৮৬৯৪
এফএ-৮৬৯৭
এফএ-৮৭০০
এফএ-৮৭০৩
এফএ-৮৭০৬
এফএ-৮৭০৯
এফএ-৮৭১২
এফএ-৮৭১৫
এফএ-৮৭১৮
এফএ-৮৭২১
এফএ-৮৭২৪
এফএ-৮৭২৭
এফএ-৮৭৩০
এফএ-৮৭৩৩
এফএ-৮৭৩৬
এফএ-৮৭৩৯
এফএ-৮৭৪২
এফএ-৮৭৪৫
এফএ-৮৭৪৮
এফএ-৮৭৫১
এফএ-৮৭৫৪
এফএ-৮৭৫৭
এফএ-৮৭৬০
এফএ-৮৭৬৩
এফএ-৮৭৬৬
এফএ-৮৭৬৯
এফএ-৮৭৭২
এফএ-৮৭৭৫
এফএ-৮৭৭৮
এফএ-৮৭৮১
এফএ-৮৭৮৪
এফএ-৮৭৮৭
এফএ-৮৭৯০
এফএ-৮৭৯৩
এফএ-৮৭৯৬
এফএ-৮৭৯৯
এফএ-৮৮০২
এফএ-৮৮০৫
এফএ-৮৮০৮
এফএ-৮৮১১
এফএ-৮৮১৪
এফএ-৮৮১৭
এফএ-৮৮২০
এফএ-৮৮২৩
এফএ-৮৮২৬
এফএ-৮৮২৯
এফএ-৮৮৩২
এফএ-৮৮৩৫
এফএ-৮৮৩৮
এফএ-৮৮৪১
এফএ-৮৮৪৪
এফএ-৮৮৪৭
এফএ-৮৮৫০
এফএ-৮৮৫৩
এফএ-৮৮৫৬
এফএ-৮৮৫৯
এফএ-৮৮৬২
এফএ-৮৮৬৫
এফএ-৮৮৬৮
এফএ-৮৮৭১
এফএ-৮৮৭৪
এফএ-৮৮৭৭
এফএ-৮৮৮০
এফএ-৮৮৮৩
এফএ-৮৮৮৬
এফএ-৮৮৮৯
এফএ-৮৮৯২
এফএ-৮৮৯৫
এফএ-৮৮৯৮
এফএ-৮৯০১
এফএ-৮৯০৪
এফএ-৮৯০৭
এফএ-৮৯১০
এফএ-৮৯১৩
এফএ-৮৯১৬
এফএ-৮৯১৯
এফএ-৮৯২২
এফএ-৮৯২৫
এফএ-৮৯২৮
এফএ-৮৯৩১
এফএ-৮৯৩৪
এফএ-৮৯৩৭
এফএ-৮৯৪০
এফএ-৮৯৪৩
এফএ-৮৯৪৬
এফএ-৮৯৪৯
এফএ-৮৯৫২
এফএ-৮৯৫৫
এফএ-৮৯৫৮
এফএ-৮৯৬১
এফএ-৮৯৬৪
এফএ-৮৯৬৭
এফএ-৮৯৭০
এফএ-৮৯৭৩
এফএ-৮৯৭৬
এফএ-৮৯৭৯
এফএ-৮৯৮২
এফএ-৮৯৮৫
এফএ-৮৯৮৮
এফএ-৮৯৯১
এফএ-৮৯৯৪
এফএ-৮৯৯৭
এফএ-৯০০০
এফএ-৯০০৩
এফএ-৯০০৬
এফএ-৯০০৯
এফএ-৯০১২
এফএ-৯০১৫
এফএ-৯০১৮
এফএ-৯০২১
এফএ-৯০২৪
এফএ-৯০২৭
এফএ-৮৯৮৩
এফএ-৮৯৮৬
এফএ-৮৯৮৯
এফএ-৮৯৯২
এফএ-৮৯৯৫
এফএ-৮৯৯৮
এফএ-৯০০১
এফএ-৯০০৪
এফএ-৯০০৭
এফএ-৯০১০
এফএ-৯০১৩
এফএ-৯০১৬
এফএ-৯০১৯
এফএ-৯০২২
এফএ-৯০২৫
এফএ-৯০২৮
এফএ-৯০৩১
এফএ-৯০৩৪
এফএ-৯০৩৭
এফএ-৯০৪০
এফএ-৯০৪৩
এফএ-৯০৪৬
এফএ-৯০৪৯
এফএ-৯০৫২
এফএ-৯০৫৫
এফএ-৯০৫৮
এফএ-৯০৬১
এফএ-৯০৬৪
এফএ-৯০৬৭
এফএ-৯০৭০
এফএ-৯০৭৩
এফএ-৯০৭৬
এফএ-৯০৭৯
এফএ-৯০৮২
এফএ-৯০৮৫
এফএ-৯০৮৮
এফএ-৯০৯১
এফএ-৯০৯৪
এফএ-৯০৯৭
এফএ-৯১০০
এফএ-৯১০৩
এফএ-৯১০৬
এফএ-৯১০৯
এফএ-৯১১২
এফএ-৯১১৫
এফএ-৯১১৮
এফএ-৯১২১
এফএ-৯১২৪
এফএ-৯১২৭
এফএ-৯১৩০
এফএ-৯১৩৩
এফএ-৯১৩৬
এফএ-৯১৩৯
এফএ-৯১৪২
এফএ-৯১৪৫
এফএ-৯১৪৮
এফএ-৯১৫১
এফএ-৯১৫৪
এফএ-৯১৫৭
এফএ-৯১৬০
এফএ-৯১৬৩
এফএ-৯১৬৬
এফএ-৯১৬৯
এফএ-৯১৭২
এফএ-৯১৭৫
এফএ-৯১৭৮
এফএ-৯১৮১
এফএ-৯১৮৪
এফএ-৯১৮৭
এফএ-৯১৯০
এফএ-৯১৯৩
এফএ-৯১৯৬
এফএ-৯১৯৯
এফএ-৯২০২
এফএ-৯২০৫
এফএ-৯২০৮
এফএ-৯২১১
এফএ-৯২১৪
এফএ-৯২১৭
এফএ-৯২২০
এফএ-৯২২৩
এফএ-৯২২৬
এফএ-৯২২৯
এফএ-৯২৩২
এফএ-৯২৩৫
এফএ-৯২৩৮
এফএ-৯২৪১
এফএ-৯২৪৪
এফএ-৯২৪৭
এফএ-৯২৫০
এফএ-৯২৫৩
এফএ-৯২৫৬
এফএ-৯২৫৯
এফএ-৯২৬২
এফএ-৯২৬৫
এফএ-৯২৬৮
এফএ-৯২৭১
এফএ-৯২৭৪
এফএ-৯২৭৭
এফএ-৯২৮০
এফএ-৯২৮৩
এফএ-৯২৮৬
এফএ-৯২৮৯
এফএ-৯২৯২
এফএ-৯২৯৫
এফএ-৯২৯৮
এফএ-৯৩০১
এফএ-৯৩০৪
এফএ-৯৩০৭
এফএ-৯৩১০
এফএ-৯৩১৩
এফএ-৯৩১৬
এফএ-৯৩১৯
এফএ-৯৩২২
এফএ-৯৩২৫
এফএ-৯৩২৮
এফএ-৯৩৩১
এফএ-৯৩৩৪
এফএ-৯৩৩৭
এফএ-৯৩৪০
এফএ-৯৩৪৩
এফএ-৯৩৪৬
এফএ-৯৩৪৯
এফএ-৯৩৫২
এফএ-৮৯৫২
এফএ-৮৯৫৫
এফএ-৮৯৫৮
এফএ-৮৯৬১
এফএ-৮৯৬৪
এফএ-৮৯৬৭
এফএ-৮৯৭০
এফএ-৮৯৭৩
এফএ-৮৯৭৬
এফএ-৮৯৭৯
এফএ-৮৯৮২
এফএ-৮৯৮৫
এফএ-৮৯৮৮
এফএ-৮৯৯১
এফএ-৮৯৯৪
এফএ-৮৯৯৭
এফএ-৯০০০
এফএ-৯০০৩
এফএ-৯০০৬
এফএ-৯০০৯
এফএ-৯০১২
এফএ-৯০১৫
এফএ-৯০১৮
এফএ-৯০২১
এফএ-৯০২৪
এফএ-৯০২৭
এফএ-৯০৩০
এফএ-৯০৩৩
এফএ-৯০৩৬
এফএ-৯০৩৯
এফএ-৯০৪২
এফএ-৯০৪৫
এফএ-৯০৪৮
এফএ-৯০৫১
এফএ-৯০৫৪
এফএ-৯০৫৭
এফএ-৯০৬০
এফএ-৯০৬৩
এফএ-৯০৬৬
এফএ-৯০৬৯
এফএ-৯০৭২
এফএ-৯০৭৫
এফএ-৯০৭৮
এফএ-৯০৮১
এফএ-৯০৮৪
এফএ-৯০৮৭
এফএ-৯০৯০
এফএ-৯০৯৩
এফএ-৯০৯৬
এফএ-৯০৯৯
এফএ-৯১০২
এফএ-৯১০৫
এফএ-৯১০৮
এফএ-৯১১১
এফএ-৯১১৪
এফএ-৯১১৭
এফএ-৯১২০
এফএ-৯১২৩
এফএ-৯১২৬
এফএ-৯১২৯
এফএ-৯১৩২
এফএ-৯১৩৫
এফএ-৯১৩৮
এফএ-৯১৪১
এফএ-৯১৪৪
এফএ-৯১৪৭
এফএ-৯১৫০
এফএ-৯১৫৩
এফএ-৯১৫৬
এফএ-৯১৫৯
এফএ-৯১৬২
এফএ-৯১৬৫
এফএ-৯১৬৮
এফএ-৯১৭১
এফএ-৯১৭৪
এফএ-৯১৭৭
এফএ-৯১৮০
এফএ-৯১৮৩
এফএ-৯১৮৬
এফএ-৯১৮৯
এফএ-৯১৯২
এফএ-৯১৯৫
এফএ-৯১৯৮
এফএ-৯২০১
এফএ-৯২০৪
এফএ-৯২০৭
এফএ-৯২১০
এফএ-৯২১৩
এফএ-৯২১৬
এফএ-৯২১৯
এফএ-৯২২২
এফএ-৯২২৫
এফএ-৯২২৮
এফএ-৯২৩১
এফএ-৯২৩৪
এফএ-৯২৩৭
এফএ-৯২৪০
এফএ-৯২৪৩
এফএ-৯২৪৬
এফএ-৯২৪৯
এফএ-৯২৫২
এফএ-৯২৫৫
এফএ-৯২৫৮
এফএ-৯২৬১
এফএ-৯২৬৪
এফএ-৯২৬৭
এফএ-৯২৭০
এফএ-৯২৭৩
এফএ-৯২৭৬
এফএ-৯২৭৯
এফএ-৯২৮২
এফএ-৯২৮৫
এফএ-৯২৮৮
এফএ-৯২৯১
এফএ-৯২৯৪
এফএ-৯২৯৭
এফএ-৯৩০০
এফএ-৯৩০৩
এফএ-৯৩০৬
এফএ-৯৩০৯
এফএ-৯৩১২
এফএ-৯৩১৫
এফএ-৯৩১৮
এফএ-৯৩২১
এফএ-৯৫৮২
এফএ-৯৫৮৫
এফএ-৯৫৮৮
এফএ-৯৫৯১
এফএ-৯৫৯৪
এফএ-৯৫৯৭
এফএ-৯৬০০
এফএ-৯৬০৩
এফএ-৯৬০৬
এফএ-৯৬০৯
এফএ-৯৬১২
এফএ-৯৬১৫
এফএ-৯৬১৮
এফএ-৯৬২১
এফএ-৯৬২৪
এফএ-৯৬২৭
এফএ-৯৬৩০
এফএ-৯৬৩৩
এফএ-৯৬৩৬
এফএ-৯৬৩৯
এফএ-৯৬৪২
এফএ-৯৬৪৫
এফএ-৯৬৪৮
এফএ-৯৬৫১
এফএ-৯৬৫৪
এফএ-৯৬৫৭
এফএ-৯৬৬০
এফএ-৯৬৬৩
এফএ-৯৬৬৬
এফএ-৯৬৬৯
এফএ-৯৬৭২
এফএ-৯৬৭৫
এফএ-৯৬৭৮
এফএ-৯৬৮১
এফএ-৯৬৮৪
এফএ-৯৬৮৭
এফএ-৯৬৯০
এফএ-৯৬৯৩
এফএ-৯৬৯৬
এফএ-৯৬৯৯
এফএ-৯৭০২
এফএ-৯৭০৫
এফএ-৯৭০৮
এফএ-৯৭১১
এফএ-৯৭১৪
এফএ-৯৭১৭
এফএ-৯৭২০
এফএ-৯৭২৩
এফএ-৯৭২৬
এফএ-৯৭২৯
এফএ-৯৭৩২
এফএ-৯৭৩৫
এফএ-৯৭৩৮
এফএ-৯৭৪১
এফএ-৯৭৪৪
এফএ-৯৭৪৭
এফএ-৯৭৫০
এফএ-৯৭৫৩
এফএ-৯৭৫৬
এফএ-৯৭৫৯
এফএ-৯৭৬২
এফএ-৯৭৬৫
এফএ-৯৭৬৮
এফএ-৯৭৭১
এফএ-৯৭৭৪
এফএ-৯৭৭৭
এফএ-৯৭৮০
এফএ-৯৭৮৩
এফএ-৯৭৮৬
এফএ-৯৭৮৯
এফএ-৯৭৯২
এফএ-৯৭৯৫
এফএ-৯৭৯৮
এফএ-৯৮০১
এফএ-৯৮০৪
এফএ-৯৮০৭
এফএ-৯৮১০
এফএ-৯৮১৩
এফএ-৯৮১৬
এফএ-৯৮১৯
এফএ-৯৮২২
এফএ-৯৮২৫
এফএ-৯৮২৮
এফএ-৯৮৩১
এফএ-৯৮৩৪
এফএ-৯৮৩৭
এফএ-৯৮৪০
এফএ-৯৮৪৩
এফএ-৯৮৪৬
এফএ-৯৮৪৯
এফএ-৯৮৫২
এফএ-৯৮৫৫
এফএ-৯৮৫৮
এফএ-৯৮৬১
এফএ-৯৮৬৪
এফএ-৯৮৬৭
এফএ-৯৮৭০
এফএ-৯৮৭৩
এফএ-৯৮৭৬
এফএ-৯৮৭৯
এফএ-৯৮৮২
এফএ-৯৮৮৫
এফএ-৯৮৮৮
এফএ-৯৮৯১
এফএ-৯৮৯৪
এফএ-৯৮৯৭
এফএ-৯৯০০
এফএ-৯৯০৩
এফএ-৯৯০৬
এফএ-৯৯০৯
এফএ-৯৯১২
এফএ-৯৯১৫
এফএ-৯৯১৮
এফএ-৯৯২১
এফএ-৯৯২৪
এফএ-৯৯২৭
এফএ-৯৯৩০
এফএ-৯৯৩৩
এফএ-৯৯৩৬
এফএ-৯৯৩৯
এফএ-৯৯৪২
এফএ-৯৯৪৫
এফএ-৯৯৪৮
এফএ-৯৯৫১
এফএ-৯৮০২
এফএ-৯৮০৫
এফএ-৯৮০৮
এফএ-৯৮১১
এফএ-৯৮১৪
এফএ-৯৮১৭
এফএ-৯৮২০
এফএ-৯৮২৩
এফএ-৯৮২৬
এফএ-৯৮২৯
এফএ-৯৮৩২
এফএ-৯৮৩৫
এফএ-৯৮৩৮
এফএ-৯৮৪১
এফএ-৯৮৪৪
এফএ-৯৮৪৭
এফএ-৯৮৫০
এফএ-৯৮৫৩
এফএ-৯৮৫৬
এফএ-৯৮৫৯
এফএ-৯৮৬২
এফএ-৯৮৬৫
এফএ-৯৮৬৮
এফএ-৯৮৭১
এফএ-৯৮৭৪
এফএ-৯৮৭৭
এফএ-৯৮৮০
এফএ-৯৮৮৩
এফএ-৯৮৮৬
এফএ-৯৮৮৯
এফএ-৯৮৯২
এফএ-৯৮৯৫
এফএ-৯৮৯৮
এফএ-৯৯০১
এফএ-৯৯০৪
এফএ-৯৯০৭
এফএ-৯৯১০
এফএ-৯৯১৩
এফএ-৯৯১৬
এফএ-৯৯১৯
এফএ-৯৯২২
এফএ-৯৯২৫
এফএ-৯৯২৮
এফএ-৯৯৩১
এফএ-৯৯৩৪
এফএ-৯৯৩৭
এফএ-৯৯৪০
এফএ-৯৯৪৩
এফএ-৯৯৪৬
এফএ-৯৯৪৯
এফএ-৯৯৫২
এফএ-৯৯৫৫
এফএ-৯৯৫৮
এফএ-৯৯৬১
এফএ-৯৯৬৪
এফএ-৯৯৬৭
এফএ-৯৯৭০
এফএ-৯৯৭৩
এফএ-৯৯৭৬
এফএ-৯৯৭৯
এফএ-৯৯৮২
এফএ-৯৯৮৫
এফএ-৯৯৮৮
এফএ-৯৯৯১
এফএ-৯৯৯৪
এফএ-৯৯৯৭
এফএ-১০০০০
এফএ-১০০০৩
এফএ-১০০০৬
এফএ-১০০০৯
এফএ-১০০১২
এফএ-১০০১৫
এফএ-১০০১৮
এফএ-১০০২১
এফএ-১০০২৪
এফএ-১০০২৭
এফএ-১০০৩০
এফএ-১০০৩৩
এফএ-১০০৩৬
এফএ-১০০৩৯
এফএ-১০০৪২
এফএ-১০০৪৫
এফএ-১০০৪৮
এফএ-১০০৫১
এফএ-১০০৫৪
এফএ-১০০৫৭
এফএ-১০০৬০
এফএ-১০০৬৩
এফএ-১০০৬৬
এফএ-১০০৬৯
এফএ-১০০৭২
এফএ-১০০৭৫
এফএ-১০০৭৮
এফএ-১০০৮১
এফএ-১০০৮৪
এফএ-১০০৮৭
এফএ-১০০৯০
এফএ-১০০৯৩
এফএ-১০০৯৬
এফএ-১০০৯৯
এফএ-১০১০২
এফএ-১০১০৫
এফএ-১০১০৮
এফএ-১০১১১
এফএ-১০১১৪
এফএ-১০১১৭
এফএ-১০১২০
এফএ-১০১২৩
এফএ-১০১২৬
এফএ-১০১২৯
এফএ-১০১৩২
এফএ-১০১৩৫
এফএ-১০১৩৮
এফএ-১০১৪১
এফএ-১০১৪৪
এফএ-১০১৪৭
এফএ-১০১৫০
এফএ-১০১৫৩
এফএ-১০১৫৬
এফএ-১০১৫৯
এফএ-১০১৬২
এফএ-১০১৬৫
এফএ-১০১৬৮
এফএ-১০১৭১
এফএ-৯১০২
এফএ-৯১০৫
এফএ-৯১০৮
এফএ-৯১১১
এফএ-৯১১৪
এফএ-৯১১৭
এফএ-৯১২০
এফএ-৯১২৩
এফএ-৯১২৬
এফএ-৯১২৯
এফএ-৯১৩২
এফএ-৯১৩৫
এফএ-৯১৩৮
এফএ-৯১৪১
এফএ-৯১৪৪
এফএ-৯১৪৭
এফএ-৯১৫০
এফএ-৯১৫৩
এফএ-৯১৫৬
এফএ-৯১৫৯
এফএ-৯১৬২
এফএ-৯১৬৫
এফএ-৯১৬৮
এফএ-৯১৭১
এফএ-৯১৭৪
এফএ-৯১৭৭
এফএ-৯১৮০
এফএ-৯১৮৩
এফএ-৯১৮৬
এফএ-৯১৮৯
এফএ-৯১৯২
এফএ-৯১৯৫
এফএ-৯১৯৮
এফএ-৯২০১
এফএ-৯২০৪
এফএ-৯২০৭
এফএ-৯২১০
এফএ-৯২১৩
এফএ-৯২১৬
এফএ-৯২১৯
এফএ-৯২২২
এফএ-৯২২৫
এফএ-৯২২৮
এফএ-৯২৩১
এফএ-৯২৩৪
এফএ-৯২৩৭
এফএ-৯২৪০
এফএ-৯২৪৩
এফএ-৯২৪৬
এফএ-৯২৪৯
এফএ-৯২৫২
এফএ-৯২৫৫
এফএ-৯২৫৮
এফএ-৯২৬১
এফএ-৯২৬৪
এফএ-৯২৬৭
এফএ-৯২৭০
এফএ-৯২৭৩
এফএ-৯২৭৬
এফএ-৯২৭৯
এফএ-৯২৮২
এফএ-৯২৮৫
এফএ-৯২৮৮
এফএ-৯২৯১
এফএ-৯২৯৪
এফএ-৯২৯৭
এফএ-৯৩০০
এফএ-৯৩০৩
এফএ-৯৩০৬
এফএ-৯৩০৯
এফএ-৯৩১২
এফএ-৯৩১৫
এফএ-৯৩১৮
এফএ-৯৩২১
এফএ-৯৩২৪
এফএ-৯৩২৭
এফএ-৯৩৩০
এফএ-৯৩৩৩
এফএ-৯৩৩৬
এফএ-৯৩৩৯
এফএ-৯৩৪২
এফএ-৯৩৪৫
এফএ-৯৩৪৮
এফএ-৯৩৫১
এফএ-৯৩৫৪
এফএ-৯৩৫৭
এফএ-৯৩৬০
এফএ-৯৩৬৩
এফএ-৯৩৬৬
এফএ-৯৩৬৯
এফএ-৯৩৭২
এফএ-৯৩৭৫
এফএ-৯৩৭৮
এফএ-৯৩৮১
এফএ-৯৩৮৪
এফএ-৯৩৯৩
এফএ-৯৩৯৬
এফএ-৯৩৯৯
এফএ-৯৪০২
এফএ-৯৪০৫
এফএ-৯৪০৮
এফএ-৯৪১১
এফএ-৯৪১৪
এফএ-৯৪১৭
এফএ-৯৪২০
এফএ-৯৪২৩
এফএ-৯৪২৬
এফএ-৯৪২৯
এফএ-৯৪৩২
এফএ-৯৪৩৫
এফএ-৯৪৩৮
এফএ-৯৪৪১
এফএ-৯৪৪৪
এফএ-৯৪৪৭
এফএ-৯৪৫০
এফএ-৯৪৫৩
এফএ-৯৪৫৬
এফএ-৯৪৫৯
এফএ-৯৪৬২
এফএ-৯৪৬৫
এফএ-৯৪৬৮
এফএ-৯৪৭১
এফএ-৯৮৬১
এফএ-৯৮৬৪
এফএ-৯৮৬৭
এফএ-৯৮৭০
এফএ-৯৮৭৩
এফএ-৯৮৭৬
এফএ-৯৮৭৯
এফএ-৯৮৮২
এফএ-৯৮৮৫
এফএ-৯৮৮৮
এফএ-৯৮৯১
এফএ-৯৮৯৪
এফএ-৯৮৯৭
এফএ-৯৯০০
এফএ-৯৯০৩
এফএ-৯৯০৬
এফএ-৯৯০৯
এফএ-৯৯১২
এফএ-৯৯১৫
এফএ-৯৯১৮
এফএ-৯৯২১
এফএ-৯৯২৪
এফএ-৯৯২৭
এফএ-৯৯৩০
এফএ-৯৯৩৩
এফএ-৯৯৩৬
এফএ-৯৯৩৯
এফএ-৯৯৪২
এফএ-৯৯৪৫
এফএ-৯৯৪৮
এফএ-৯৯৫১
এফএ-৯৯৫৪
এফএ-৯৯৫৭
এফএ-৯৯৬০
এফএ-৯৯৬৩
এফএ-৯৯৬৬
এফএ-৯৯৬৯
এফএ-৯৯৭২
এফএ-৯৯৭৫
এফএ-৯৯৭৮
এফএ-৯৯৮১
এফএ-৯৯৮৪
এফএ-৯৯৮৭
এফএ-৯৯৯০
এফএ-৯৯৯৩
এফএ-৯৯৯৬
এফএ-৯৯৯৯
এফএ-১০০০২
এফএ-১০০০৫
এফএ-১০০০৮
এফএ-১০০১১
এফএ-১০০১৪
এফএ-১০০১৭
এফএ-১০০২০
এফএ-১০০২৩
এফএ-১০০২৬
এফএ-১০০২৯
এফএ-১০০৩২
এফএ-১০০৩৫
এফএ-১০০৩৮
এফএ-১০০৪১
এফএ-১০০৪৪
এফএ-১০০৪৭
এফএ-১০০৫০
এফএ-১০০৫৩
এফএ-১০০৫৬
এফএ-১০০৫৯
এফএ-১০০৬২
এফএ-১০০৬৫
এফএ-১০০৬৮
এফএ-১০০৭১
এফএ-১০০৭৪
এফএ-১০০৭৭
এফএ-১০০৮০
এফএ-১০০৮৩
এফএ-১০০৮৬
এফএ-১০০৮৯
এফএ-১০০৯২
এফএ-১০০৯৫
এফএ-১০০৯৮
এফএ-১০১০১
এফএ-১০১০৪
এফএ-১০১০৭
এফএ-১০১১০
এফএ-১০১১৩
এফএ-১০১১৬
এফএ-১০১১৯
এফএ-১০১২২
এফএ-১০১২৫
এফএ-১০১২৮
এফএ-১০১৩১
এফএ-১০১৩৪
এফএ-১০১৩৭
এফএ-১০১৪০
এফএ-১০১৪৩
এফএ-১০১৫২
এফএ-১০১৫৫
এফএ-১০১৫৮
এফএ-১০১৬১
এফএ-১০১৬৪
এফএ-১০১৬৭
এফএ-১০১৭০
এফএ-১০১৭৩
এফএ-১০১৭৬
এফএ-১০১৭৯
এফএ-১০১৮২
এফএ-১০১৮৫
এফএ-১০১৮৮
এফএ-১০১৯১
এফএ-১০১৯৪
এফএ-১০১৯৭
এফএ-১০২০০
এফএ-১০২০৩
এফএ-১০২০৬
এফএ-১০২০৯
এফএ-১০২১২
এফএ-১০২১৫
এফএ-১০২১৮
এফএ-১০২২১
এফএ-১০২২৪
এফএ-১০২২৭
এফএ-১০২৩০
মোট=১১০৪ জন
"ইউনিয়ন পর্যায়ে মৎস্যচাষ প্রযুক্তি সেবা সম্প্রসারণ (২য় পর্যায়)"- শীর্ষক প্রকল্পের 'ক্ষেত্র সহকারী' পদে ১২/০২/২০১৬ খ্রি: তারিখে অনুষ্ঠিত লিখিত পরীক্ষায় উত্তীর্ণ প্রার্থীদের মৌখিক পরীক্ষার সময়সূচী
ক্রমিক নং	তারিখ	বার	পরীক্ষা শুরুর সময়	প্রার্থীর রোল নং	সংখ্যা
১	৭/৩/২০১৬	সোমবার	সকাল ০৯.০০ ঘটিকা	এফএ-০০০৮ হতে এফএ-১৩৮৭ পর্যন্ত	৩০০ জন
২	৮/৩/২০১৬	মঙ্গলবার	দুপুর ০২.০০ ঘটিকা	এফএ-১৩৮৭ হতে এফএ-২২৪৪ পর্যন্ত	৩০০ জন
৩	৯/৩/২০১৬	বুধবার	দুপুর ০২.০০ ঘটিকা	এফএ-২২৪৫ হতে এফএ-৩০৮৪ পর্যন্ত	৩০০ জন
৪	১০/৩/২০১৬	বৃহস্পতিবার	দুপুর ০২.০০ ঘটিকা	এফএ-৩০৮৫ হতে এফএ-৩৪৪৬ পর্যন্ত	২০০ জন
৫	১১/৩/২০১৬	শুক্রবার	সকাল ০৯.০০ ঘটিকা	এফএ-৩৪৪৭ হতে এফএ-৫৫৩২ পর্যন্ত	৩০০ জন
৬	১২/৩/২০১৬	শনিবার	সকাল ০৯.০০ ঘটিকা	এফএ-৫৫৩৩ হতে এফএ-৬৯৮০ পর্যন্ত	৩০০ জন
৭	১৩/৩/২০১৬	রবিবার	দুপুর ০২.০০ ঘটিকা	এফএ-৬৯৮৩ হতে এফএ-৭৫৪৪ পর্যন্ত	৩০০ জন
৮	১৪/৩/২০১৬	সোমবার	সকাল ০৯.০০ ঘটিকা	এফএ-৭৫৪৫ হতে এফএ-৯২৭৪ পর্যন্ত	৩০০ জন
৯	১৫/৩/২০১৬	মঙ্গলবার	দুপুর ০২.০০ ঘটিকা	এফএ-৯২৭৫ হতে এফএ-৯৯৩৫ পর্যন্ত	১০৪ জন
*মৌখিক পরীক্ষার স্থান: প্রকল্প পরিচালকের কার্যালয়, মৎস্য অধিদপ্তর, মৎস্য ভবন, রমনা, ঢাকা।
২৯/২/১৬
ড. মোহাম্মদ মোঃ আনোয়ারুল হক
প্রকল্প পরিচালক
ইউনিয়ন পর্যায়ে মৎস্যচাষ প্রযুক্তি সেবা সম্প্রসারণ প্রকল্প (২য় পর্যায়)
মৎস্য অধিদপ্তর, মৎস্য ভবন, ঢাকা।
GD-540
Ad-Graphics1/E/Advertisement/February/29-02-2016/Advertisement_11
